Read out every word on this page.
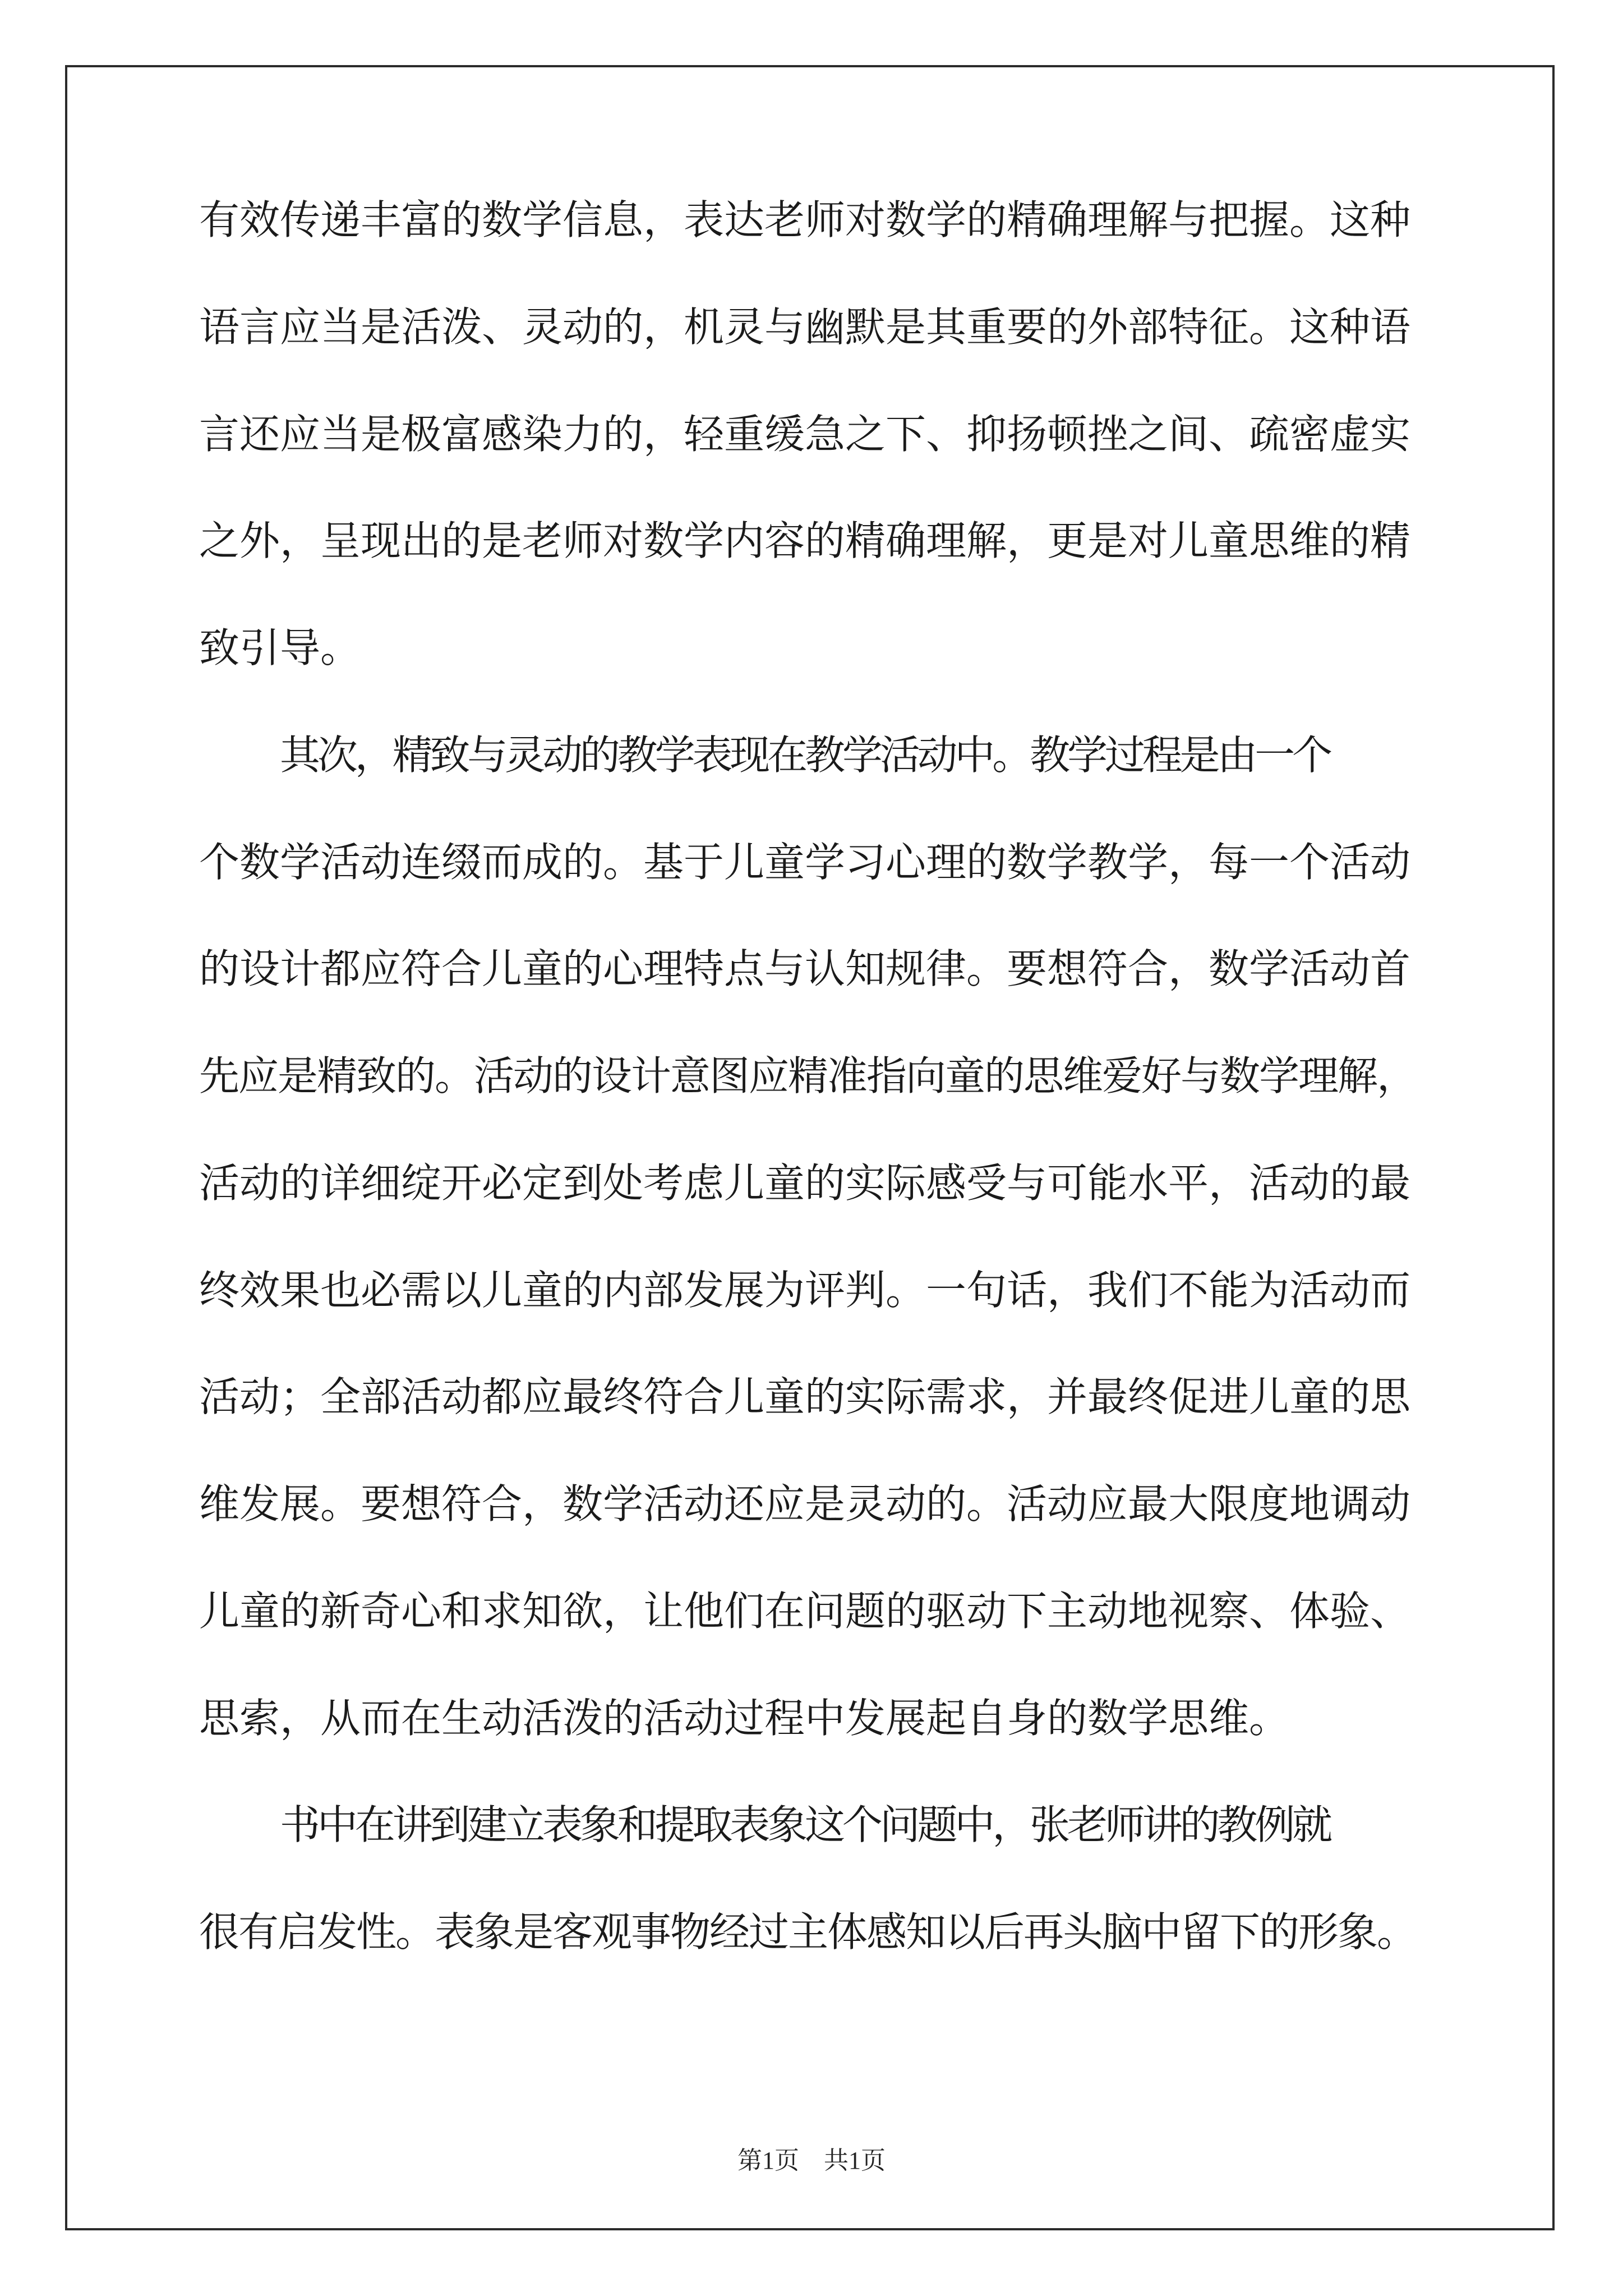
有效传递丰富的数学信息，表达老师对数学的精确理解与把握。这种
语言应当是活泼、灵动的，机灵与幽默是其重要的外部特征。这种语
言还应当是极富感染力的，轻重缓急之下、抑扬顿挫之间、疏密虚实
之外，呈现出的是老师对数学内容的精确理解，更是对儿童思维的精
致引导。
其次，精致与灵动的教学表现在教学活动中。教学过程是由一个
个数学活动连缀而成的。基于儿童学习心理的数学教学，每一个活动
的设计都应符合儿童的心理特点与认知规律。要想符合，数学活动首
先应是精致的。活动的设计意图应精准指向童的思维爱好与数学理解，
活动的详细绽开必定到处考虑儿童的实际感受与可能水平，活动的最
终效果也必需以儿童的内部发展为评判。一句话，我们不能为活动而
活动；全部活动都应最终符合儿童的实际需求，并最终促进儿童的思
维发展。要想符合，数学活动还应是灵动的。活动应最大限度地调动
儿童的新奇心和求知欲，让他们在问题的驱动下主动地视察、体验、
思索，从而在生动活泼的活动过程中发展起自身的数学思维。
书中在讲到建立表象和提取表象这个问题中，张老师讲的教例就
很有启发性。表象是客观事物经过主体感知以后再头脑中留下的形象。
第1页　共1页
